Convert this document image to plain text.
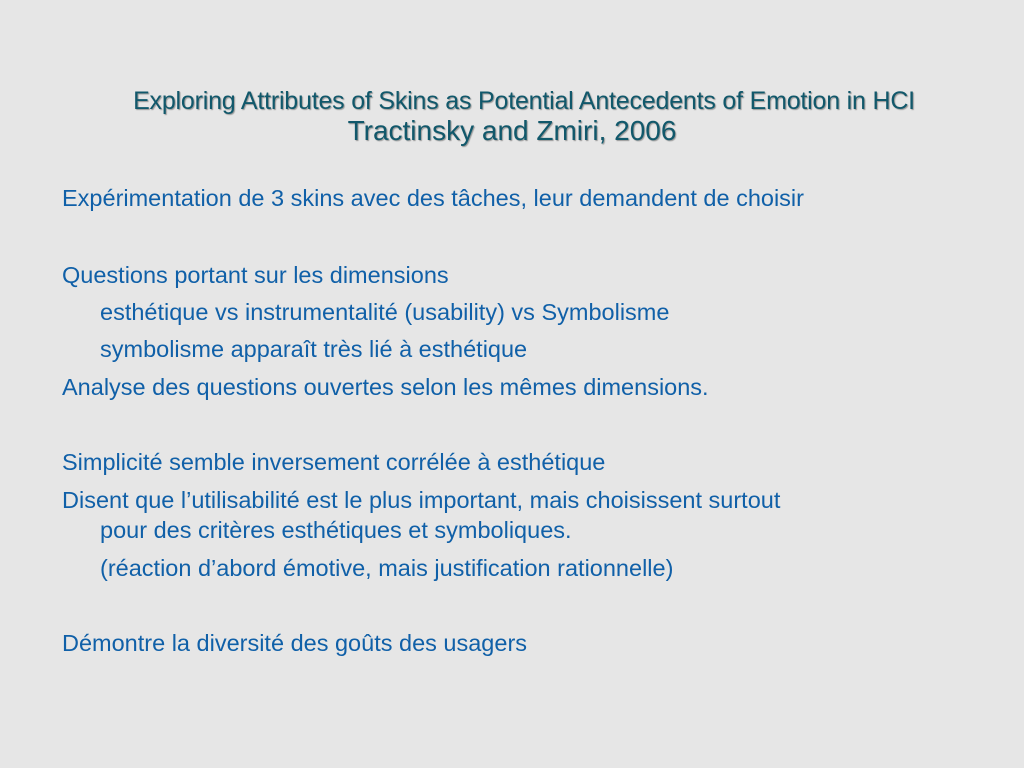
Exploring Attributes of Skins as Potential Antecedents of Emotion in HCI
Tractinsky and Zmiri, 2006
Expérimentation de 3 skins avec des tâches, leur demandent de choisir
Questions portant sur les dimensions
esthétique vs instrumentalité (usability) vs Symbolisme
symbolisme apparaît très lié à esthétique
Analyse des questions ouvertes selon les mêmes dimensions.
Simplicité semble inversement corrélée à esthétique
Disent que l’utilisabilité est le plus important, mais choisissent surtout
pour des critères esthétiques et symboliques.
(réaction d’abord émotive, mais justification rationnelle)
Démontre la diversité des goûts des usagers
